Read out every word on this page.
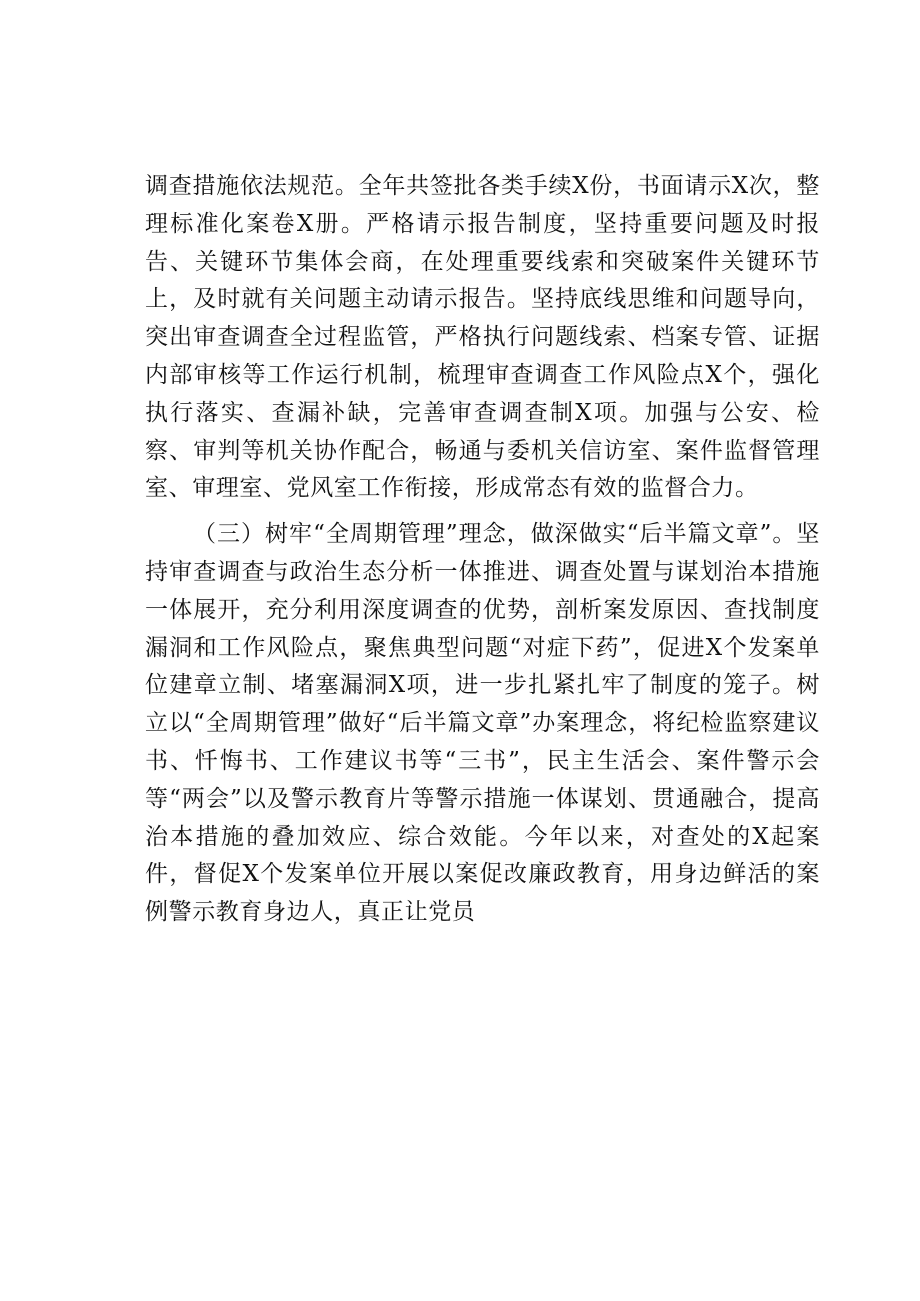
调查措施依法规范。全年共签批各类手续X份，书面请示X次，整理标准化案卷X册。严格请示报告制度，坚持重要问题及时报告、关键环节集体会商，在处理重要线索和突破案件关键环节上，及时就有关问题主动请示报告。坚持底线思维和问题导向，突出审查调查全过程监管，严格执行问题线索、档案专管、证据内部审核等工作运行机制，梳理审查调查工作风险点X个，强化执行落实、查漏补缺，完善审查调查制X项。加强与公安、检察、审判等机关协作配合，畅通与委机关信访室、案件监督管理室、审理室、党风室工作衔接，形成常态有效的监督合力。

（三）树牢“全周期管理”理念，做深做实“后半篇文章”。坚持审查调查与政治生态分析一体推进、调查处置与谋划治本措施一体展开，充分利用深度调查的优势，剖析案发原因、查找制度漏洞和工作风险点，聚焦典型问题“对症下药”，促进X个发案单位建章立制、堵塞漏洞X项，进一步扎紧扎牢了制度的笼子。树立以“全周期管理”做好“后半篇文章”办案理念，将纪检监察建议书、忏悔书、工作建议书等“三书”，民主生活会、案件警示会等“两会”以及警示教育片等警示措施一体谋划、贯通融合，提高治本措施的叠加效应、综合效能。今年以来，对查处的X起案件，督促X个发案单位开展以案促改廉政教育，用身边鲜活的案例警示教育身边人，真正让党员
